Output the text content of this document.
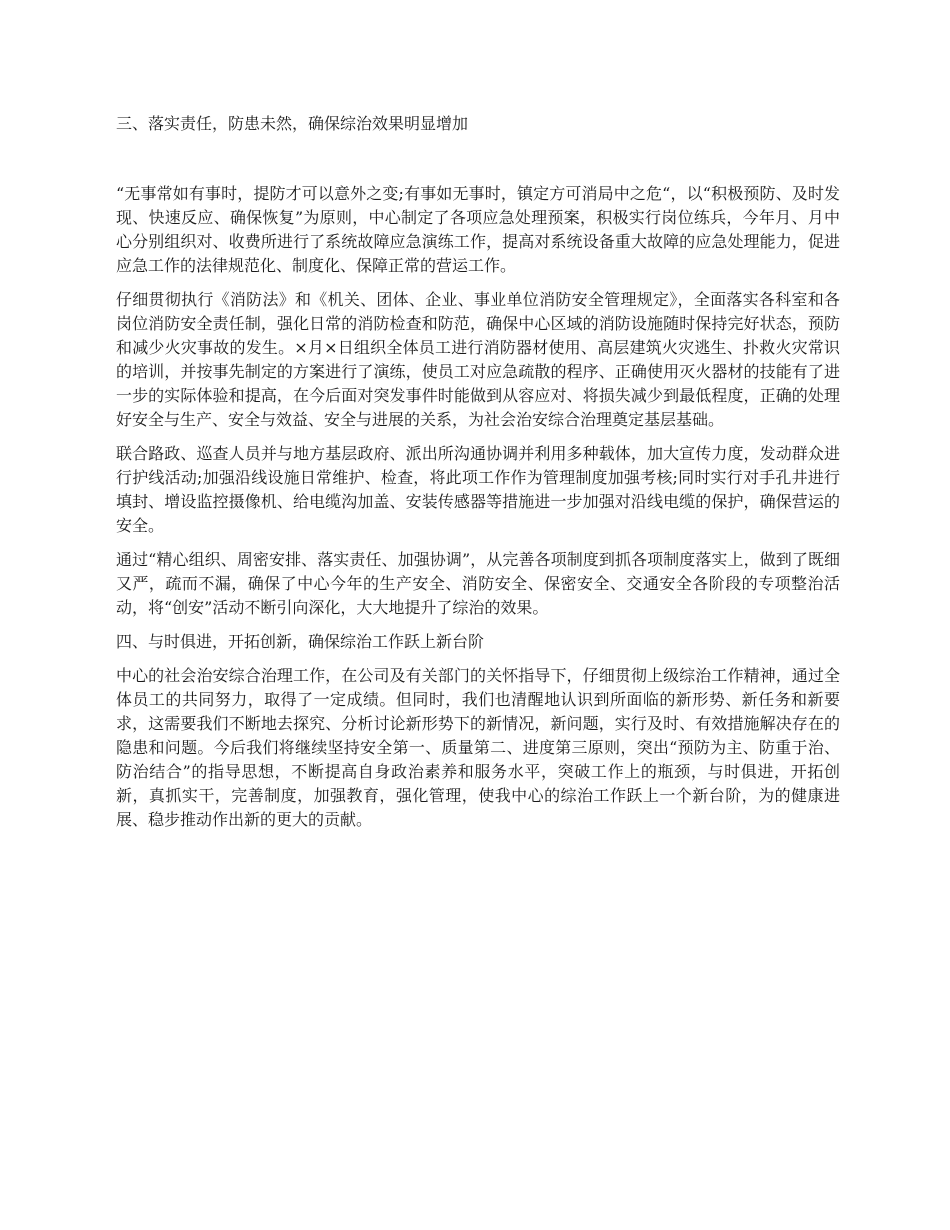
三、落实责任，防患未然，确保综治效果明显增加

“无事常如有事时，提防才可以意外之变;有事如无事时，镇定方可消局中之危“，以“积极预防、及时发现、快速反应、确保恢复”为原则，中心制定了各项应急处理预案，积极实行岗位练兵，今年月、月中心分别组织对、收费所进行了系统故障应急演练工作，提高对系统设备重大故障的应急处理能力，促进应急工作的法律规范化、制度化、保障正常的营运工作。

仔细贯彻执行《消防法》和《机关、团体、企业、事业单位消防安全管理规定》，全面落实各科室和各岗位消防安全责任制，强化日常的消防检查和防范，确保中心区域的消防设施随时保持完好状态，预防和减少火灾事故的发生。×月×日组织全体员工进行消防器材使用、高层建筑火灾逃生、扑救火灾常识的培训，并按事先制定的方案进行了演练，使员工对应急疏散的程序、正确使用灭火器材的技能有了进一步的实际体验和提高，在今后面对突发事件时能做到从容应对、将损失减少到最低程度，正确的处理好安全与生产、安全与效益、安全与进展的关系，为社会治安综合治理奠定基层基础。

联合路政、巡查人员并与地方基层政府、派出所沟通协调并利用多种载体，加大宣传力度，发动群众进行护线活动;加强沿线设施日常维护、检查，将此项工作作为管理制度加强考核;同时实行对手孔井进行填封、增设监控摄像机、给电缆沟加盖、安装传感器等措施进一步加强对沿线电缆的保护，确保营运的安全。

通过“精心组织、周密安排、落实责任、加强协调”，从完善各项制度到抓各项制度落实上，做到了既细又严，疏而不漏，确保了中心今年的生产安全、消防安全、保密安全、交通安全各阶段的专项整治活动，将“创安”活动不断引向深化，大大地提升了综治的效果。

四、与时俱进，开拓创新，确保综治工作跃上新台阶

中心的社会治安综合治理工作，在公司及有关部门的关怀指导下，仔细贯彻上级综治工作精神，通过全体员工的共同努力，取得了一定成绩。但同时，我们也清醒地认识到所面临的新形势、新任务和新要求，这需要我们不断地去探究、分析讨论新形势下的新情况，新问题，实行及时、有效措施解决存在的隐患和问题。今后我们将继续坚持安全第一、质量第二、进度第三原则，突出“预防为主、防重于治、防治结合”的指导思想，不断提高自身政治素养和服务水平，突破工作上的瓶颈，与时俱进，开拓创新，真抓实干，完善制度，加强教育，强化管理，使我中心的综治工作跃上一个新台阶，为的健康进展、稳步推动作出新的更大的贡献。
